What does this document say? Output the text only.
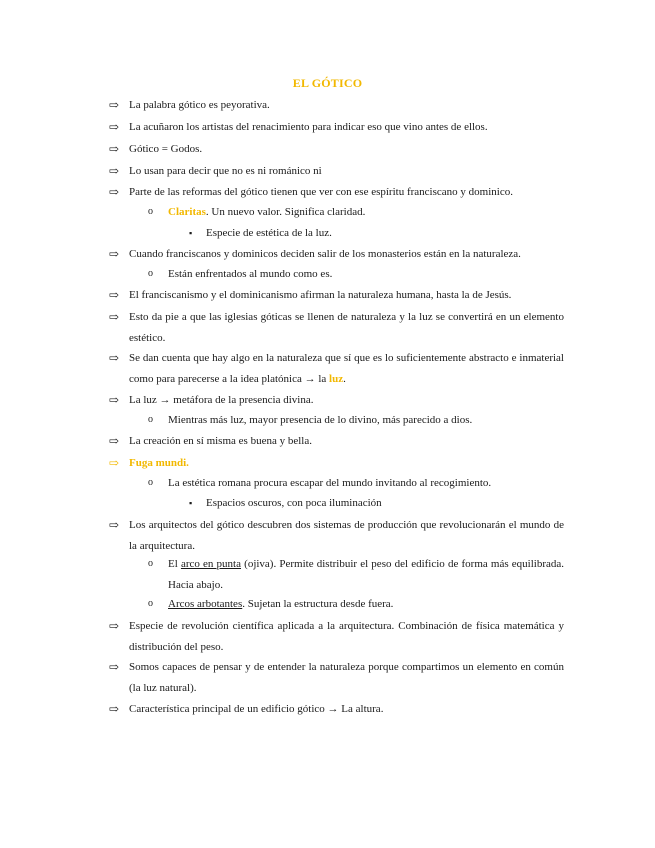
EL GÓTICO
⇨ La palabra gótico es peyorativa.
⇨ La acuñaron los artistas del renacimiento para indicar eso que vino antes de ellos.
⇨ Gótico = Godos.
⇨ Lo usan para decir que no es ni románico ni
⇨ Parte de las reformas del gótico tienen que ver con ese espíritu franciscano y dominico.
o Claritas. Un nuevo valor. Significa claridad.
▪ Especie de estética de la luz.
⇨ Cuando franciscanos y dominicos deciden salir de los monasterios están en la naturaleza.
o Están enfrentados al mundo como es.
⇨ El franciscanismo y el dominicanismo afirman la naturaleza humana, hasta la de Jesús.
⇨ Esto da pie a que las iglesias góticas se llenen de naturaleza y la luz se convertirá en un elemento estético.
⇨ Se dan cuenta que hay algo en la naturaleza que sí que es lo suficientemente abstracto e inmaterial como para parecerse a la idea platónica → la luz.
⇨ La luz → metáfora de la presencia divina.
o Mientras más luz, mayor presencia de lo divino, más parecido a dios.
⇨ La creación en sí misma es buena y bella.
⇨ Fuga mundi.
o La estética romana procura escapar del mundo invitando al recogimiento.
▪ Espacios oscuros, con poca iluminación
⇨ Los arquitectos del gótico descubren dos sistemas de producción que revolucionarán el mundo de la arquitectura.
o El arco en punta (ojiva). Permite distribuir el peso del edificio de forma más equilibrada. Hacia abajo.
o Arcos arbotantes. Sujetan la estructura desde fuera.
⇨ Especie de revolución científica aplicada a la arquitectura. Combinación de física matemática y distribución del peso.
⇨ Somos capaces de pensar y de entender la naturaleza porque compartimos un elemento en común (la luz natural).
⇨ Característica principal de un edificio gótico → La altura.
